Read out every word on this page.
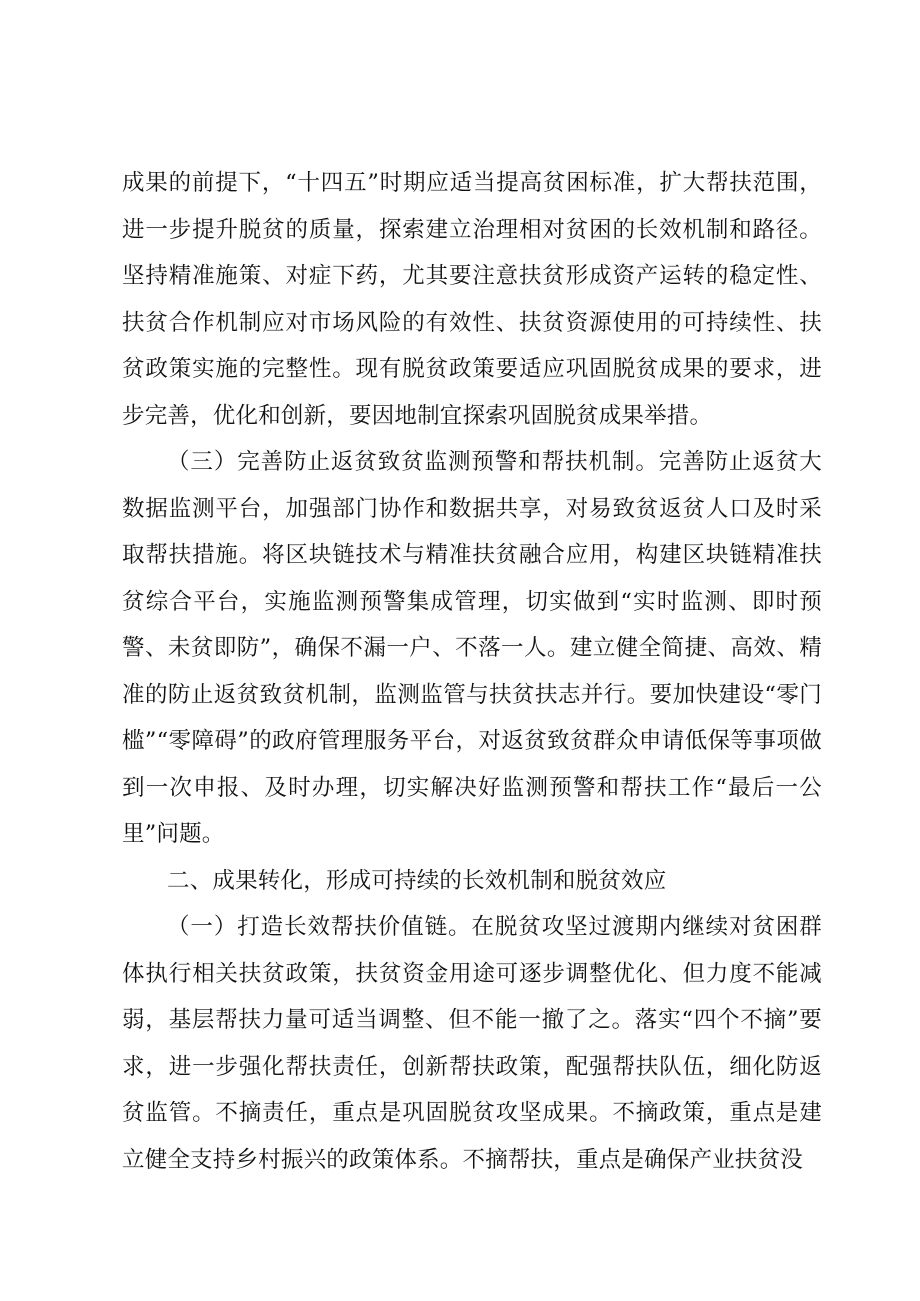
成果的前提下，“十四五”时期应适当提高贫困标准，扩大帮扶范围，进一步提升脱贫的质量，探索建立治理相对贫困的长效机制和路径。坚持精准施策、对症下药，尤其要注意扶贫形成资产运转的稳定性、扶贫合作机制应对市场风险的有效性、扶贫资源使用的可持续性、扶贫政策实施的完整性。现有脱贫政策要适应巩固脱贫成果的要求，进步完善，优化和创新，要因地制宜探索巩固脱贫成果举措。

（三）完善防止返贫致贫监测预警和帮扶机制。完善防止返贫大数据监测平台，加强部门协作和数据共享，对易致贫返贫人口及时采取帮扶措施。将区块链技术与精准扶贫融合应用，构建区块链精准扶贫综合平台，实施监测预警集成管理，切实做到“实时监测、即时预警、未贫即防”，确保不漏一户、不落一人。建立健全简捷、高效、精准的防止返贫致贫机制，监测监管与扶贫扶志并行。要加快建设“零门槛”“零障碍”的政府管理服务平台，对返贫致贫群众申请低保等事项做到一次申报、及时办理，切实解决好监测预警和帮扶工作“最后一公里”问题。

二、成果转化，形成可持续的长效机制和脱贫效应

（一）打造长效帮扶价值链。在脱贫攻坚过渡期内继续对贫困群体执行相关扶贫政策，扶贫资金用途可逐步调整优化、但力度不能减弱，基层帮扶力量可适当调整、但不能一撤了之。落实“四个不摘”要求，进一步强化帮扶责任，创新帮扶政策，配强帮扶队伍，细化防返贫监管。不摘责任，重点是巩固脱贫攻坚成果。不摘政策，重点是建立健全支持乡村振兴的政策体系。不摘帮扶，重点是确保产业扶贫没
